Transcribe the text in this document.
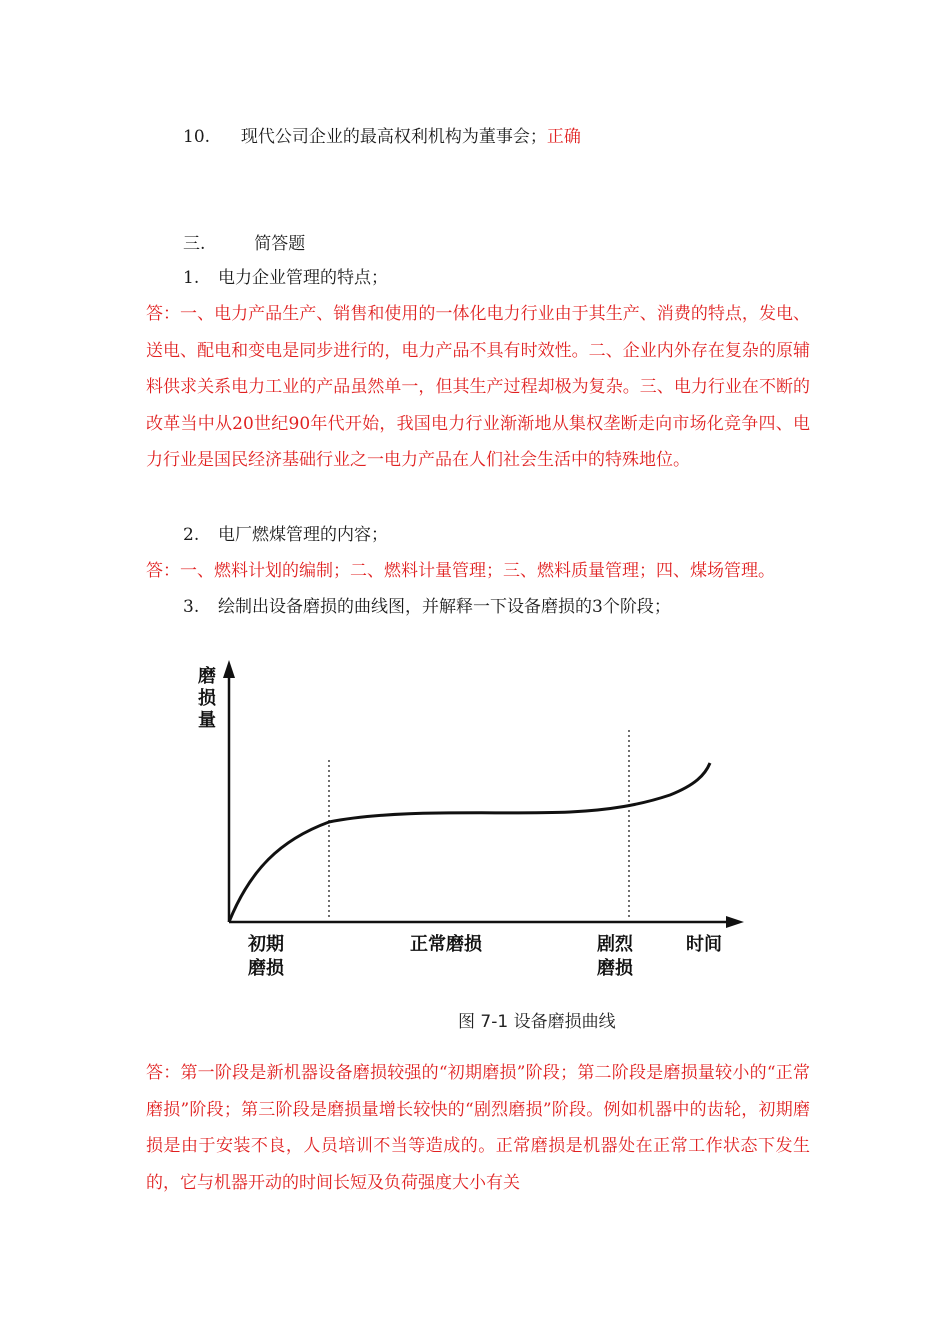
10. 现代公司企业的最高权利机构为董事会；正确
三.	简答题
1. 电力企业管理的特点；
答：一、电力产品生产、销售和使用的一体化电力行业由于其生产、消费的特点，发电、送电、配电和变电是同步进行的，电力产品不具有时效性。二、企业内外存在复杂的原辅料供求关系电力工业的产品虽然单一，但其生产过程却极为复杂。三、电力行业在不断的改革当中从20世纪90年代开始，我国电力行业渐渐地从集权垄断走向市场化竞争四、电力行业是国民经济基础行业之一电力产品在人们社会生活中的特殊地位。
2. 电厂燃煤管理的内容；
答：一、燃料计划的编制；二、燃料计量管理；三、燃料质量管理；四、煤场管理。
3. 绘制出设备磨损的曲线图，并解释一下设备磨损的3个阶段；
磨
损
量
初期
磨损
正常磨损	剧烈
磨损
时间
图 7-1 设备磨损曲线
答：第一阶段是新机器设备磨损较强的“初期磨损”阶段；第二阶段是磨损量较小的“正常磨损”阶段；第三阶段是磨损量增长较快的“剧烈磨损”阶段。例如机器中的齿轮，初期磨损是由于安装不良，人员培训不当等造成的。正常磨损是机器处在正常工作状态下发生的，它与机器开动的时间长短及负荷强度大小有关
